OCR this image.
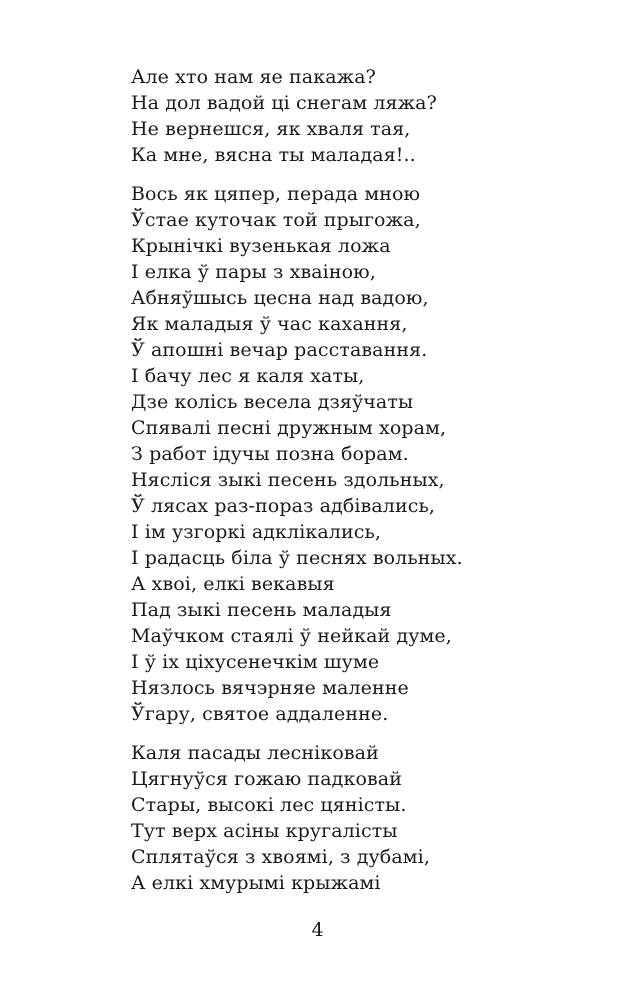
Але хто нам яе пакажа?
На дол вадой ці снегам ляжа?
Не вернешся, як хваля тая,
Ка мне, вясна ты маладая!..
Вось як цяпер, перада мною
Ўстае куточак той прыгожа,
Крынічкі вузенькая ложа
І елка ў пары з хваіною,
Абняўшысь цесна над вадою,
Як маладыя ў час кахання,
Ў апошні вечар расставання.
І бачу лес я каля хаты,
Дзе колісь весела дзяўчаты
Спявалі песні дружным хорам,
З работ ідучы позна борам.
Нясліся зыкі песень здольных,
Ў лясах раз-пораз адбівались,
І ім узгоркі адклікались,
І радасць біла ў песнях вольных.
А хвоі, елкі векавыя
Пад зыкі песень маладыя
Маўчком стаялі ў нейкай думе,
І ў іх ціхусенечкім шуме
Нязлось вячэрняе маленне
Ўгару, святое аддаленне.
Каля пасады лесніковай
Цягнуўся гожаю падковай
Стары, высокі лес цяністы.
Тут верх асіны кругалісты
Сплятаўся з хвоямі, з дубамі,
А елкі хмурымі крыжамі
4
